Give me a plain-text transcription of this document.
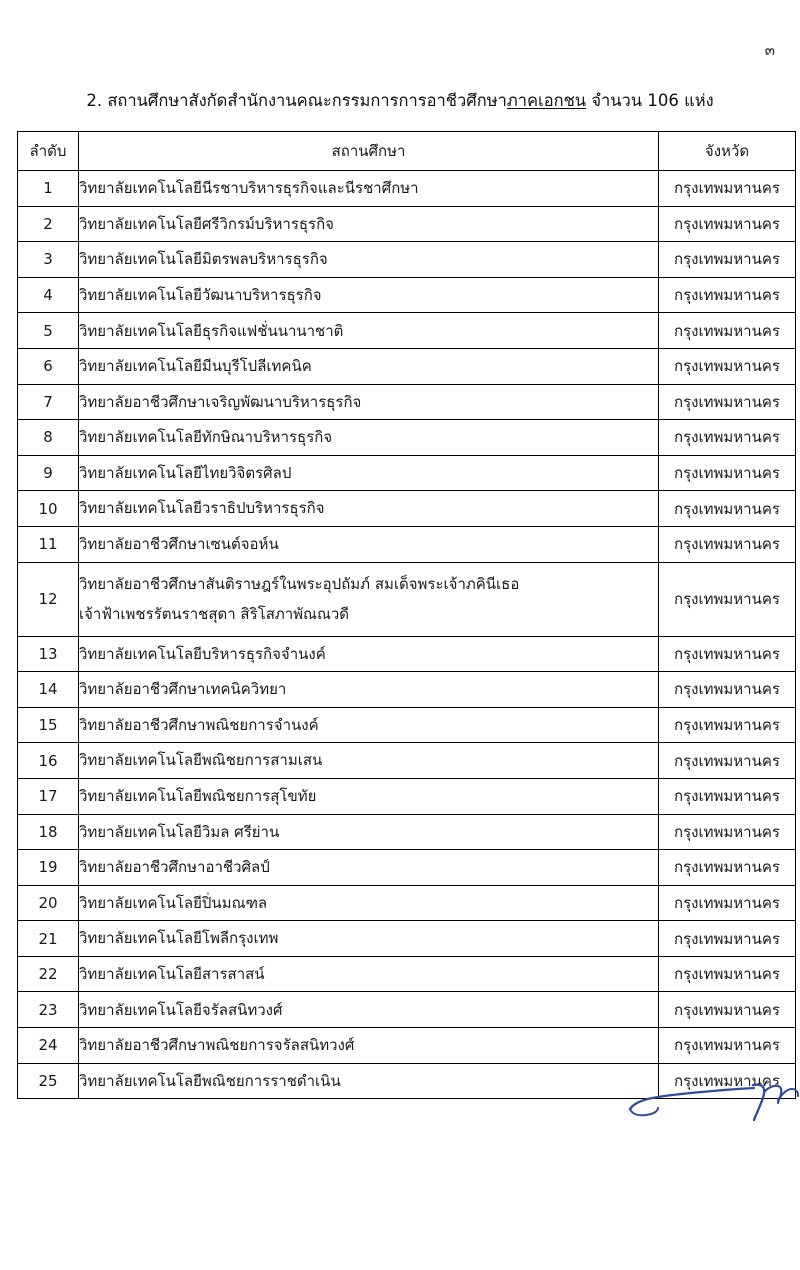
๓
2. สถานศึกษาสังกัดสำนักงานคณะกรรมการการอาชีวศึกษาภาคเอกชน จำนวน 106 แห่ง
ลำดับ	สถานศึกษา	จังหวัด
1	วิทยาลัยเทคโนโลยีนีรชาบริหารธุรกิจและนีรชาศึกษา	กรุงเทพมหานคร
2	วิทยาลัยเทคโนโลยีศรีวิกรม์บริหารธุรกิจ	กรุงเทพมหานคร
3	วิทยาลัยเทคโนโลยีมิตรพลบริหารธุรกิจ	กรุงเทพมหานคร
4	วิทยาลัยเทคโนโลยีวัฒนาบริหารธุรกิจ	กรุงเทพมหานคร
5	วิทยาลัยเทคโนโลยีธุรกิจแฟชั่นนานาชาติ	กรุงเทพมหานคร
6	วิทยาลัยเทคโนโลยีมีนบุรีโปลีเทคนิค	กรุงเทพมหานคร
7	วิทยาลัยอาชีวศึกษาเจริญพัฒนาบริหารธุรกิจ	กรุงเทพมหานคร
8	วิทยาลัยเทคโนโลยีทักษิณาบริหารธุรกิจ	กรุงเทพมหานคร
9	วิทยาลัยเทคโนโลยีไทยวิจิตรศิลป	กรุงเทพมหานคร
10	วิทยาลัยเทคโนโลยีวราธิปบริหารธุรกิจ	กรุงเทพมหานคร
11	วิทยาลัยอาชีวศึกษาเซนต์จอห์น	กรุงเทพมหานคร
12	วิทยาลัยอาชีวศึกษาสันติราษฎร์ในพระอุปถัมภ์ สมเด็จพระเจ้าภคินีเธอ
เจ้าฟ้าเพชรรัตนราชสุดา สิริโสภาพัณณวดี	กรุงเทพมหานคร
13	วิทยาลัยเทคโนโลยีบริหารธุรกิจจำนงค์	กรุงเทพมหานคร
14	วิทยาลัยอาชีวศึกษาเทคนิควิทยา	กรุงเทพมหานคร
15	วิทยาลัยอาชีวศึกษาพณิชยการจำนงค์	กรุงเทพมหานคร
16	วิทยาลัยเทคโนโลยีพณิชยการสามเสน	กรุงเทพมหานคร
17	วิทยาลัยเทคโนโลยีพณิชยการสุโขทัย	กรุงเทพมหานคร
18	วิทยาลัยเทคโนโลยีวิมล ศรีย่าน	กรุงเทพมหานคร
19	วิทยาลัยอาชีวศึกษาอาชีวศิลป์	กรุงเทพมหานคร
20	วิทยาลัยเทคโนโลยีปิ่นมณฑล	กรุงเทพมหานคร
21	วิทยาลัยเทคโนโลยีโพลีกรุงเทพ	กรุงเทพมหานคร
22	วิทยาลัยเทคโนโลยีสารสาสน์	กรุงเทพมหานคร
23	วิทยาลัยเทคโนโลยีจรัลสนิทวงศ์	กรุงเทพมหานคร
24	วิทยาลัยอาชีวศึกษาพณิชยการจรัลสนิทวงศ์	กรุงเทพมหานคร
25	วิทยาลัยเทคโนโลยีพณิชยการราชดำเนิน	กรุงเทพมหานคร
